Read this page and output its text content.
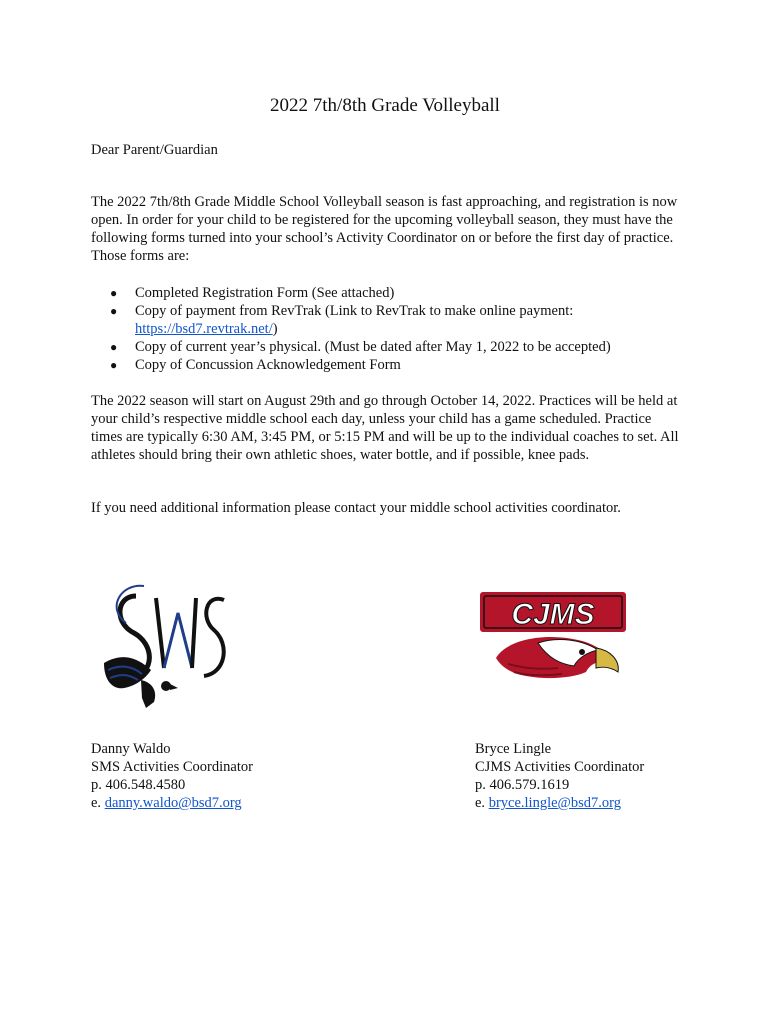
2022 7th/8th Grade Volleyball
Dear Parent/Guardian
The 2022 7th/8th Grade Middle School Volleyball season is fast approaching, and registration is now open. In order for your child to be registered for the upcoming volleyball season, they must have the following forms turned into your school’s Activity Coordinator on or before the first day of practice. Those forms are:
● Completed Registration Form (See attached)
● Copy of payment from RevTrak (Link to RevTrak to make online payment: https://bsd7.revtrak.net/)
● Copy of current year’s physical. (Must be dated after May 1, 2022 to be accepted)
● Copy of Concussion Acknowledgement Form
The 2022 season will start on August 29th and go through October 14, 2022. Practices will be held at your child’s respective middle school each day, unless your child has a game scheduled. Practice times are typically 6:30 AM, 3:45 PM, or 5:15 PM and will be up to the individual coaches to set. All athletes should bring their own athletic shoes, water bottle, and if possible, knee pads.
If you need additional information please contact your middle school activities coordinator.
CJMS
Danny Waldo
SMS Activities Coordinator
p. 406.548.4580
e. danny.waldo@bsd7.org
Bryce Lingle
CJMS Activities Coordinator
p. 406.579.1619
e. bryce.lingle@bsd7.org
